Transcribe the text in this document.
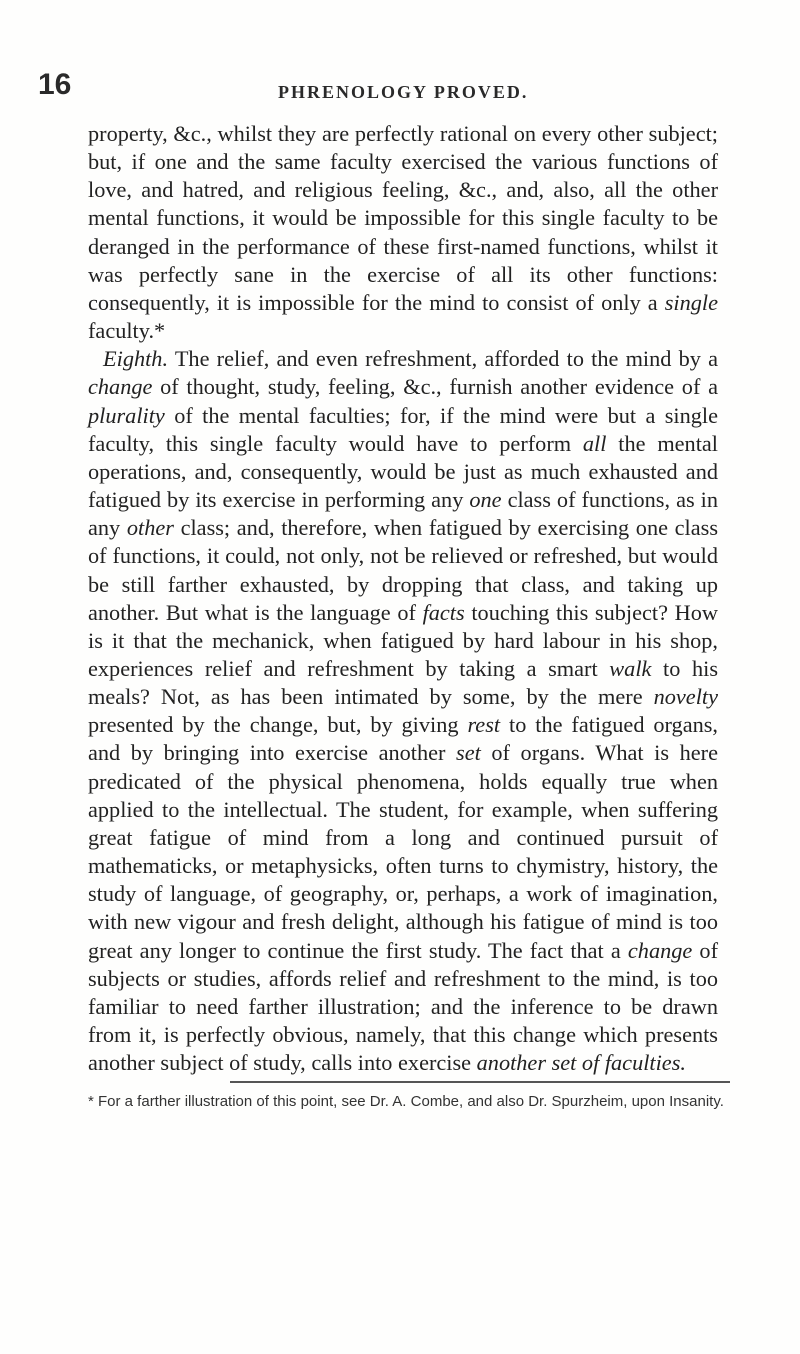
16	PHRENOLOGY PROVED.

prop⁠erty, &c., whilst they are perfectly rational on every other subject; but, if one and the same faculty exercised the various functions of love, and hatred, and religious feeling, &c., and, also, all the other mental functions, it would be impossible for this single faculty to be deranged in the performance of these first-named functions, whilst it was perfectly sane in the exercise of all its other functions: consequently, it is impossible for the mind to consist of only a single faculty.*

Eighth. The relief, and even refreshment, afforded to the mind by a change of thought, study, feeling, &c., furnish another evidence of a plurality of the mental faculties; for, if the mind were but a single faculty, this single faculty would have to perform all the mental operations, and, consequently, would be just as much exhausted and fatigued by its exercise in performing any one class of functions, as in any other class; and, therefore, when fatigued by exercising one class of functions, it could, not only, not be relieved or refreshed, but would be still farther exhausted, by dropping that class, and taking up another. But what is the language of facts touching this subject? How is it that the mechanick, when fatigued by hard labour in his shop, experiences relief and refreshment by taking a smart walk to his meals? Not, as has been intimated by some, by the mere novelty presented by the change, but, by giving rest to the fatigued organs, and by bringing into exercise another set of organs. What is here predicated of the physical phenomena, holds equally true when applied to the intellectual. The student, for example, when suffering great fatigue of mind from a long and continued pursuit of mathematicks, or metaphysicks, often turns to chymistry, history, the study of language, of geography, or, perhaps, a work of imagination, with new vigour and fresh delight, although his fatigue of mind is too great any longer to continue the first study. The fact that a change of subjects or studies, affords relief and refreshment to the mind, is too familiar to need farther illustration; and the inference to be drawn from it, is perfectly obvious, namely, that this change which presents another subject of study, calls into exercise another set of faculties.

* For a farther illustration of this point, see Dr. A. Combe, and also Dr. Spurzheim, upon Insanity.
